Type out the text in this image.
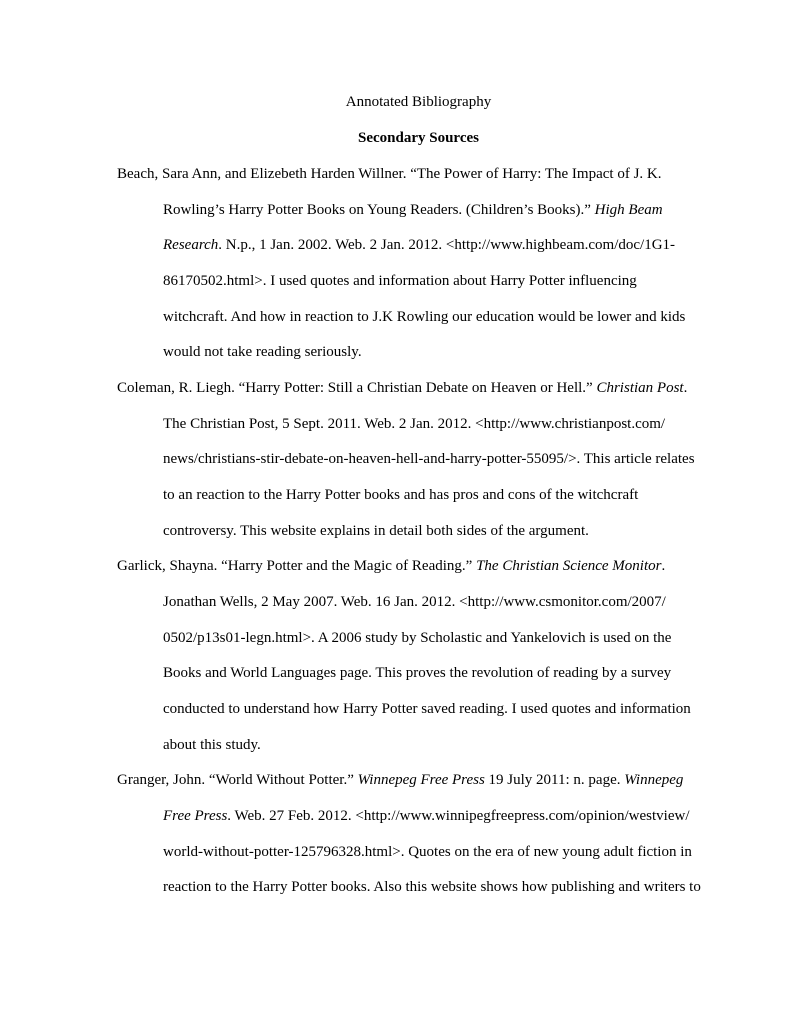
Annotated Bibliography
Secondary Sources
Beach, Sara Ann, and Elizebeth Harden Willner. “The Power of Harry: The Impact of J. K.
Rowling’s Harry Potter Books on Young Readers. (Children’s Books).” High Beam
Research. N.p., 1 Jan. 2002. Web. 2 Jan. 2012. <http://www.highbeam.com/doc/1G1-
86170502.html>. I used quotes and information about Harry Potter influencing
witchcraft. And how in reaction to J.K Rowling our education would be lower and kids
would not take reading seriously.
Coleman, R. Liegh. “Harry Potter: Still a Christian Debate on Heaven or Hell.” Christian Post.
The Christian Post, 5 Sept. 2011. Web. 2 Jan. 2012. <http://www.christianpost.com/
news/christians-stir-debate-on-heaven-hell-and-harry-potter-55095/>. This article relates
to an reaction to the Harry Potter books and has pros and cons of the witchcraft
controversy. This website explains in detail both sides of the argument.
Garlick, Shayna. “Harry Potter and the Magic of Reading.” The Christian Science Monitor.
Jonathan Wells, 2 May 2007. Web. 16 Jan. 2012. <http://www.csmonitor.com/2007/
0502/p13s01-legn.html>. A 2006 study by Scholastic and Yankelovich is used on the
Books and World Languages page. This proves the revolution of reading by a survey
conducted to understand how Harry Potter saved reading. I used quotes and information
about this study.
Granger, John. “World Without Potter.” Winnepeg Free Press 19 July 2011: n. page. Winnepeg
Free Press. Web. 27 Feb. 2012. <http://www.winnipegfreepress.com/opinion/westview/
world-without-potter-125796328.html>. Quotes on the era of new young adult fiction in
reaction to the Harry Potter books. Also this website shows how publishing and writers to
